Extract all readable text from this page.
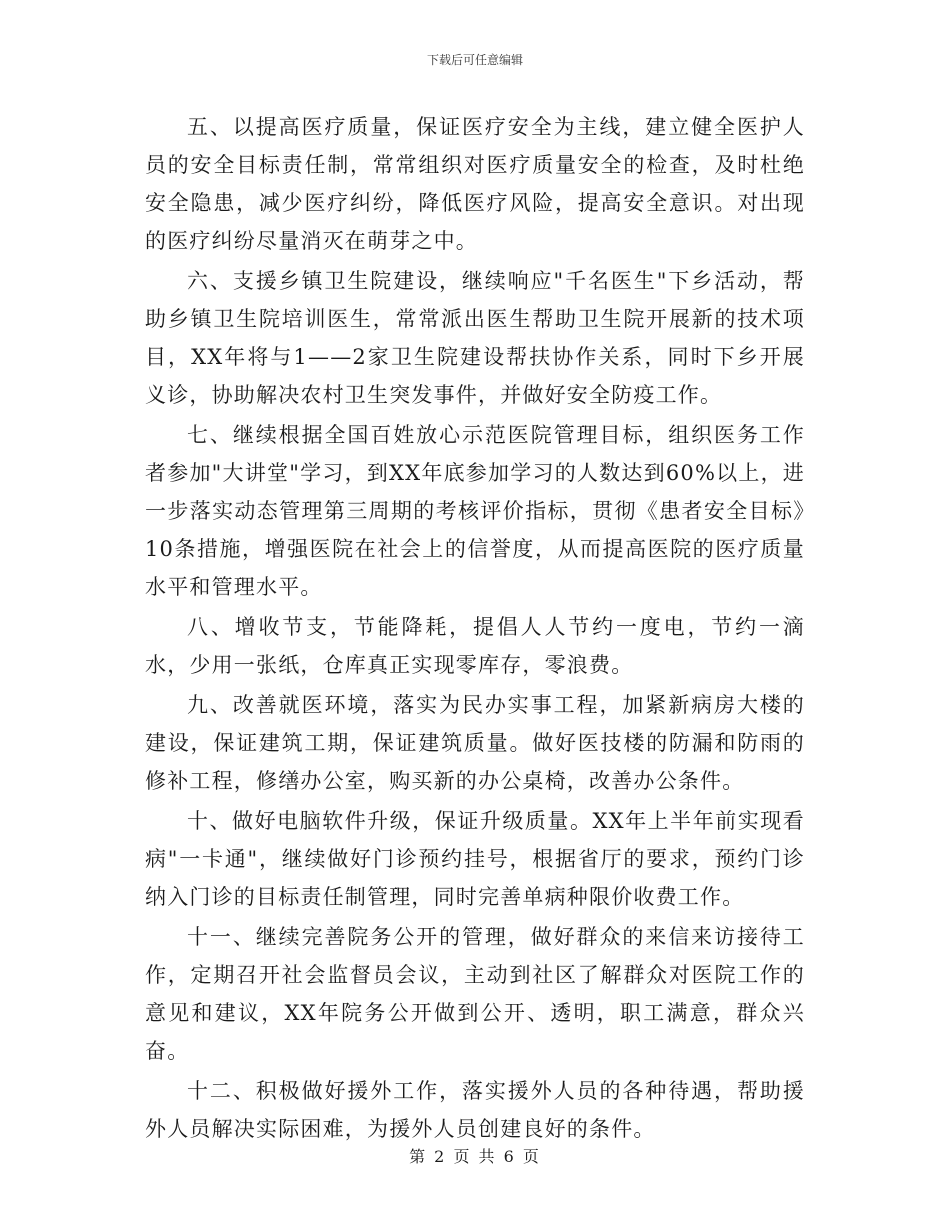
下载后可任意编辑

五、以提高医疗质量，保证医疗安全为主线，建立健全医护人员的安全目标责任制，常常组织对医疗质量安全的检查，及时杜绝安全隐患，减少医疗纠纷，降低医疗风险，提高安全意识。对出现的医疗纠纷尽量消灭在萌芽之中。

六、支援乡镇卫生院建设，继续响应"千名医生"下乡活动，帮助乡镇卫生院培训医生，常常派出医生帮助卫生院开展新的技术项目，XX年将与1——2家卫生院建设帮扶协作关系，同时下乡开展义诊，协助解决农村卫生突发事件，并做好安全防疫工作。

七、继续根据全国百姓放心示范医院管理目标，组织医务工作者参加"大讲堂"学习，到XX年底参加学习的人数达到60%以上，进一步落实动态管理第三周期的考核评价指标，贯彻《患者安全目标》10条措施，增强医院在社会上的信誉度，从而提高医院的医疗质量水平和管理水平。

八、增收节支，节能降耗，提倡人人节约一度电，节约一滴水，少用一张纸，仓库真正实现零库存，零浪费。

九、改善就医环境，落实为民办实事工程，加紧新病房大楼的建设，保证建筑工期，保证建筑质量。做好医技楼的防漏和防雨的修补工程，修缮办公室，购买新的办公桌椅，改善办公条件。

十、做好电脑软件升级，保证升级质量。XX年上半年前实现看病"一卡通"，继续做好门诊预约挂号，根据省厅的要求，预约门诊纳入门诊的目标责任制管理，同时完善单病种限价收费工作。

十一、继续完善院务公开的管理，做好群众的来信来访接待工作，定期召开社会监督员会议，主动到社区了解群众对医院工作的意见和建议，XX年院务公开做到公开、透明，职工满意，群众兴奋。

十二、积极做好援外工作，落实援外人员的各种待遇，帮助援外人员解决实际困难，为援外人员创建良好的条件。

第 2 页 共 6 页
